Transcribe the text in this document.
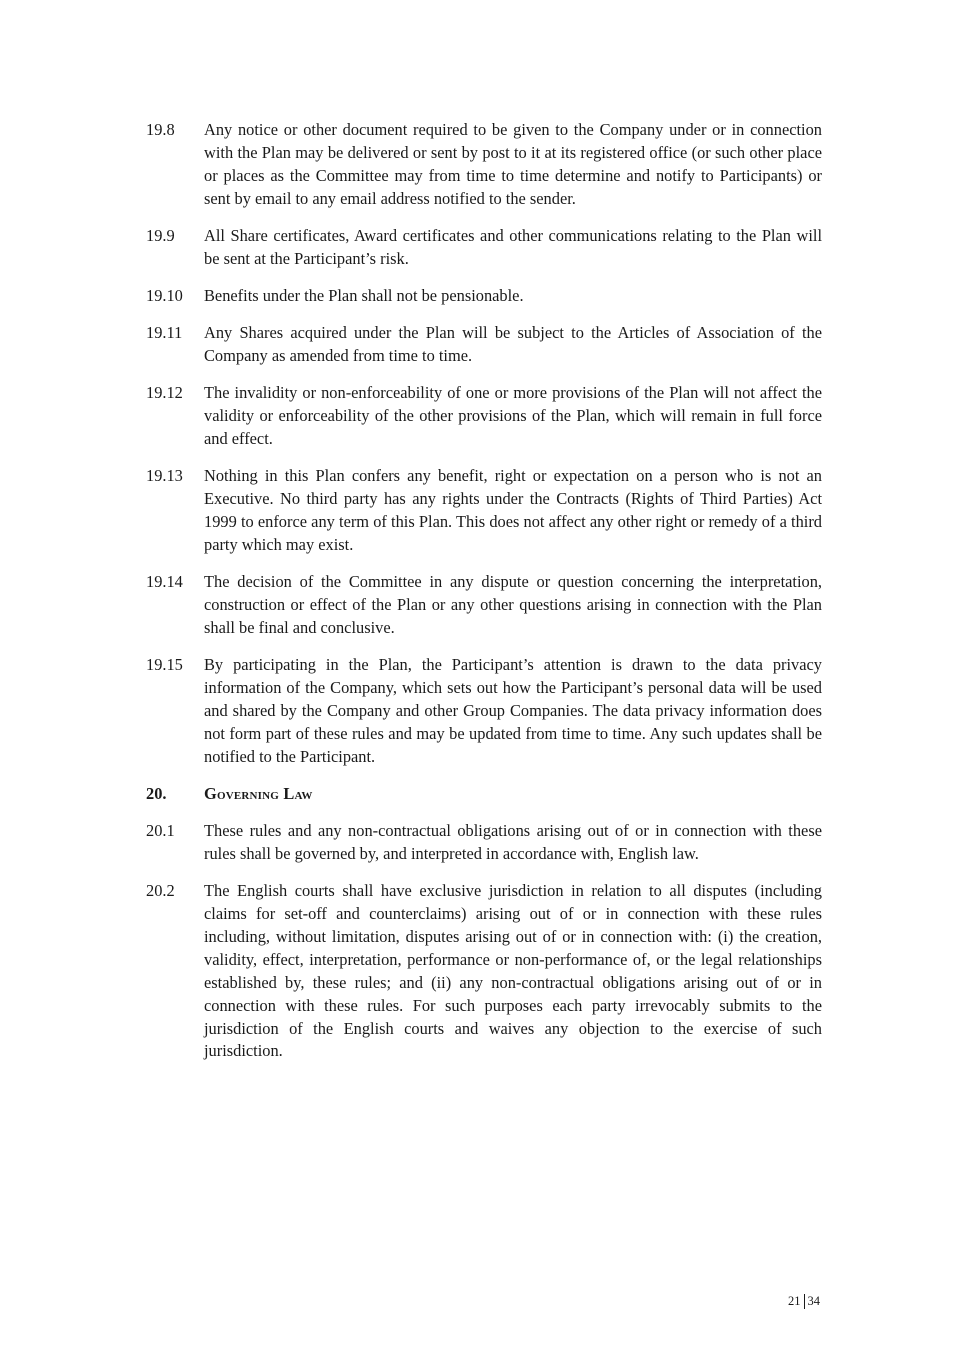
19.8	Any notice or other document required to be given to the Company under or in connection with the Plan may be delivered or sent by post to it at its registered office (or such other place or places as the Committee may from time to time determine and notify to Participants) or sent by email to any email address notified to the sender.
19.9	All Share certificates, Award certificates and other communications relating to the Plan will be sent at the Participant’s risk.
19.10	Benefits under the Plan shall not be pensionable.
19.11	Any Shares acquired under the Plan will be subject to the Articles of Association of the Company as amended from time to time.
19.12	The invalidity or non-enforceability of one or more provisions of the Plan will not affect the validity or enforceability of the other provisions of the Plan, which will remain in full force and effect.
19.13	Nothing in this Plan confers any benefit, right or expectation on a person who is not an Executive. No third party has any rights under the Contracts (Rights of Third Parties) Act 1999 to enforce any term of this Plan. This does not affect any other right or remedy of a third party which may exist.
19.14	The decision of the Committee in any dispute or question concerning the interpretation, construction or effect of the Plan or any other questions arising in connection with the Plan shall be final and conclusive.
19.15	By participating in the Plan, the Participant’s attention is drawn to the data privacy information of the Company, which sets out how the Participant’s personal data will be used and shared by the Company and other Group Companies. The data privacy information does not form part of these rules and may be updated from time to time. Any such updates shall be notified to the Participant.
20.	Governing Law
20.1	These rules and any non-contractual obligations arising out of or in connection with these rules shall be governed by, and interpreted in accordance with, English law.
20.2	The English courts shall have exclusive jurisdiction in relation to all disputes (including claims for set-off and counterclaims) arising out of or in connection with these rules including, without limitation, disputes arising out of or in connection with: (i) the creation, validity, effect, interpretation, performance or non-performance of, or the legal relationships established by, these rules; and (ii) any non-contractual obligations arising out of or in connection with these rules. For such purposes each party irrevocably submits to the jurisdiction of the English courts and waives any objection to the exercise of such jurisdiction.
21 34
